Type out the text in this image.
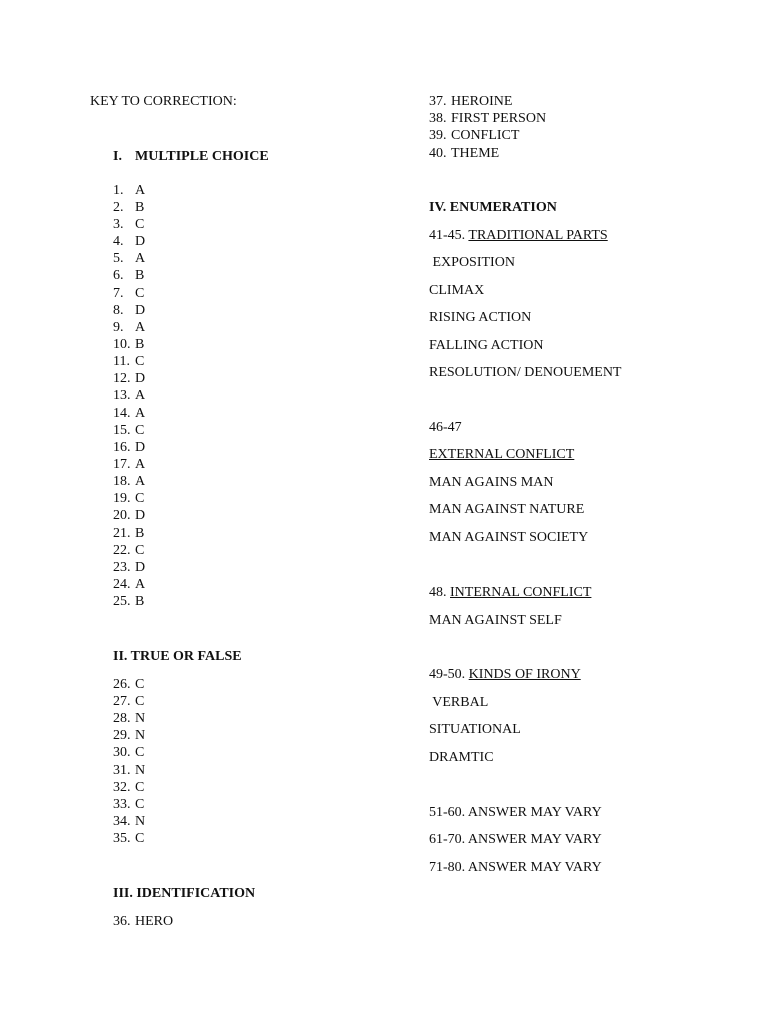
KEY TO CORRECTION:
I. MULTIPLE CHOICE
1. A
2. B
3. C
4. D
5. A
6. B
7. C
8. D
9. A
10. B
11. C
12. D
13. A
14. A
15. C
16. D
17. A
18. A
19. C
20. D
21. B
22. C
23. D
24. A
25. B
II. TRUE OR FALSE
26. C
27. C
28. N
29. N
30. C
31. N
32. C
33. C
34. N
35. C
III. IDENTIFICATION
36. HERO
37. HEROINE
38. FIRST PERSON
39. CONFLICT
40. THEME
IV. ENUMERATION
41-45. TRADITIONAL PARTS
EXPOSITION
CLIMAX
RISING ACTION
FALLING ACTION
RESOLUTION/ DENOUEMENT
46-47
EXTERNAL CONFLICT
MAN AGAINS MAN
MAN AGAINST NATURE
MAN AGAINST SOCIETY
48. INTERNAL CONFLICT
MAN AGAINST SELF
49-50. KINDS OF IRONY
VERBAL
SITUATIONAL
DRAMTIC
51-60. ANSWER MAY VARY
61-70. ANSWER MAY VARY
71-80. ANSWER MAY VARY
